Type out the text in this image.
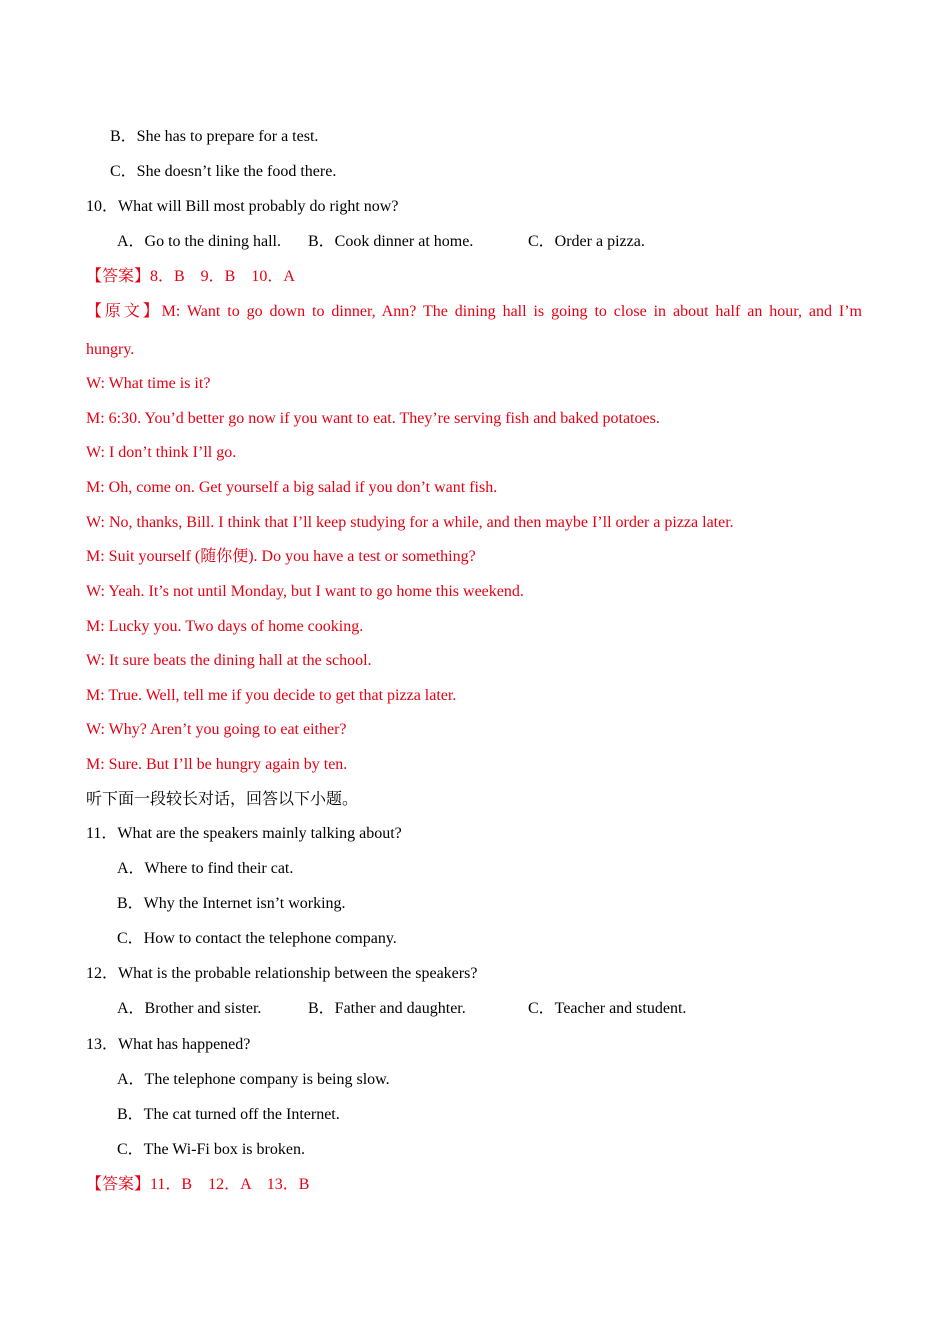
B．She has to prepare for a test.
C．She doesn’t like the food there.
10．What will Bill most probably do right now?
A．Go to the dining hall. B．Cook dinner at home.	C．Order a pizza.
【答案】8．B　9．B　10．A
【原文】M: Want to go down to dinner, Ann? The dining hall is going to close in about half an hour, and I’m
hungry.
W: What time is it?
M: 6:30. You’d better go now if you want to eat. They’re serving fish and baked potatoes.
W: I don’t think I’ll go.
M: Oh, come on. Get yourself a big salad if you don’t want fish.
W: No, thanks, Bill. I think that I’ll keep studying for a while, and then maybe I’ll order a pizza later.
M: Suit yourself (随你便). Do you have a test or something?
W: Yeah. It’s not until Monday, but I want to go home this weekend.
M: Lucky you. Two days of home cooking.
W: It sure beats the dining hall at the school.
M: True. Well, tell me if you decide to get that pizza later.
W: Why? Aren’t you going to eat either?
M: Sure. But I’ll be hungry again by ten.
听下面一段较长对话，回答以下小题。
11．What are the speakers mainly talking about?
A．Where to find their cat.
B．Why the Internet isn’t working.
C．How to contact the telephone company.
12．What is the probable relationship between the speakers?
A．Brother and sister.	B．Father and daughter.	C．Teacher and student.
13．What has happened?
A．The telephone company is being slow.
B．The cat turned off the Internet.
C．The Wi-Fi box is broken.
【答案】11．B　12．A　13．B
